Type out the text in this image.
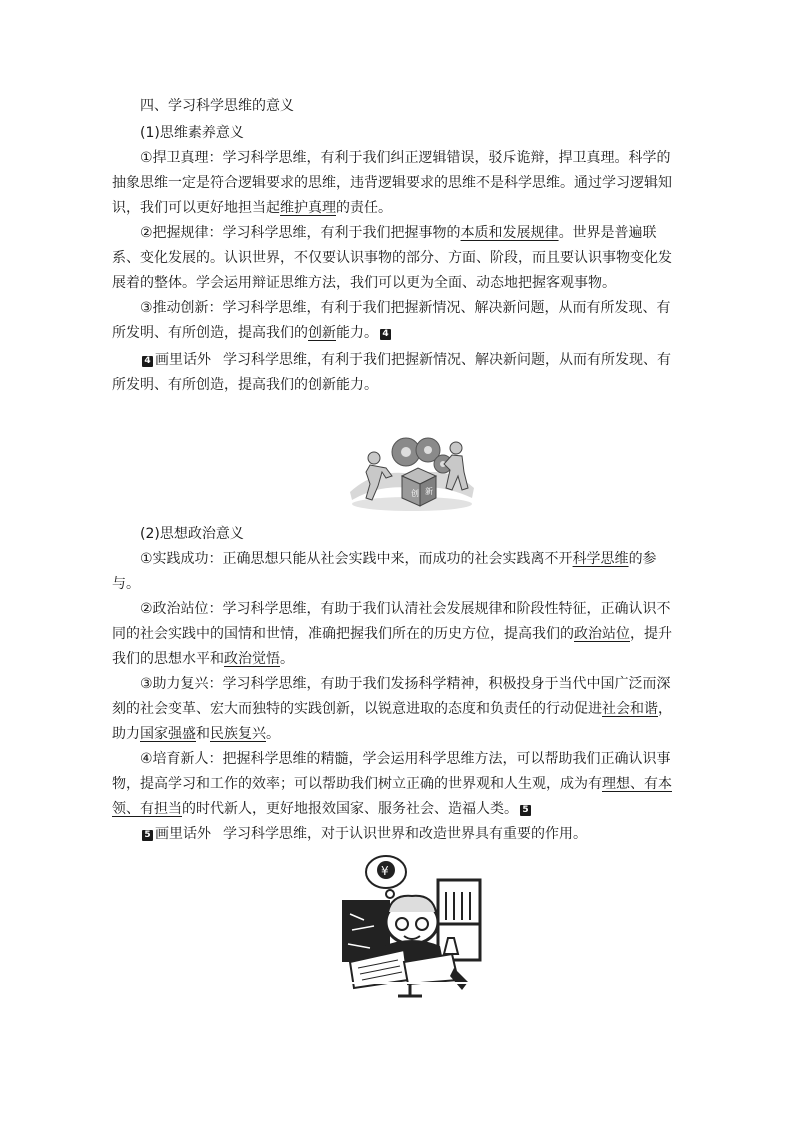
四、学习科学思维的意义

(1)思维素养意义

①捍卫真理：学习科学思维，有利于我们纠正逻辑错误，驳斥诡辩，捍卫真理。科学的抽象思维一定是符合逻辑要求的思维，违背逻辑要求的思维不是科学思维。通过学习逻辑知识，我们可以更好地担当起维护真理的责任。

②把握规律：学习科学思维，有利于我们把握事物的本质和发展规律。世界是普遍联系、变化发展的。认识世界，不仅要认识事物的部分、方面、阶段，而且要认识事物变化发展着的整体。学会运用辩证思维方法，我们可以更为全面、动态地把握客观事物。

③推动创新：学习科学思维，有利于我们把握新情况、解决新问题，从而有所发现、有所发明、有所创造，提高我们的创新能力。 4

4 画里话外 学习科学思维，有利于我们把握新情况、解决新问题，从而有所发现、有所发明、有所创造，提高我们的创新能力。

创 新

(2)思想政治意义

①实践成功：正确思想只能从社会实践中来，而成功的社会实践离不开科学思维的参与。

②政治站位：学习科学思维，有助于我们认清社会发展规律和阶段性特征，正确认识不同的社会实践中的国情和世情，准确把握我们所在的历史方位，提高我们的政治站位，提升我们的思想水平和政治觉悟。

③助力复兴：学习科学思维，有助于我们发扬科学精神，积极投身于当代中国广泛而深刻的社会变革、宏大而独特的实践创新，以锐意进取的态度和负责任的行动促进社会和谐，助力国家强盛和民族复兴。

④培育新人：把握科学思维的精髓，学会运用科学思维方法，可以帮助我们正确认识事物，提高学习和工作的效率；可以帮助我们树立正确的世界观和人生观，成为有理想、有本领、有担当的时代新人，更好地报效国家、服务社会、造福人类。 5

5 画里话外 学习科学思维，对于认识世界和改造世界具有重要的作用。

¥
